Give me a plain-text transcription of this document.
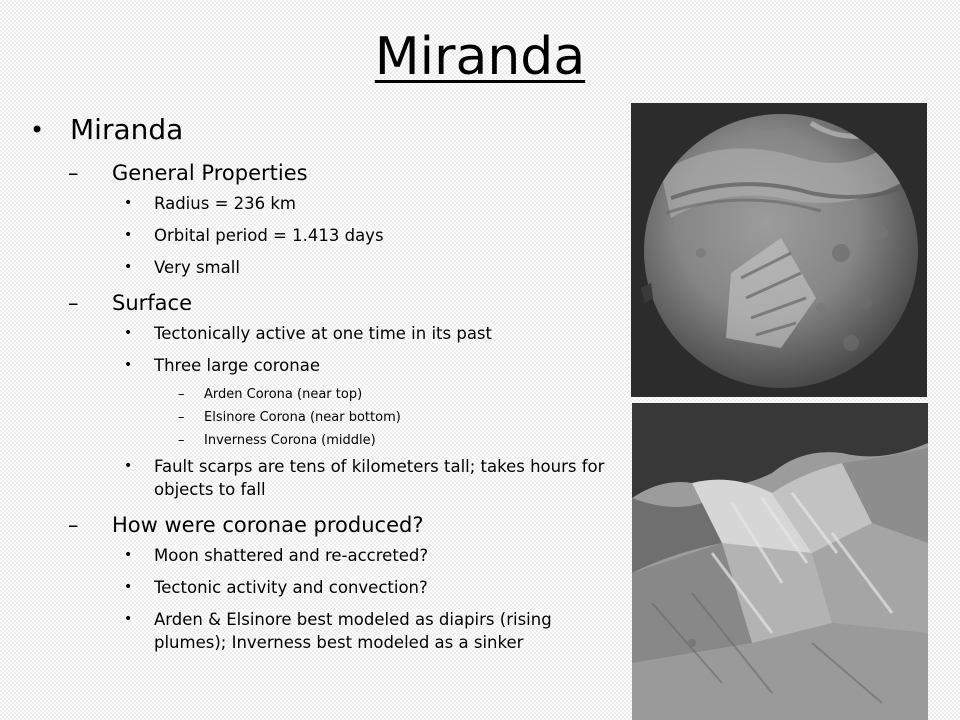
Miranda
• Miranda
–	General Properties
•	Radius = 236 km
•	Orbital period = 1.413 days
•	Very small
–	Surface
•	Tectonically active at one time in its past
•	Three large coronae
–	Arden Corona (near top)
–	Elsinore Corona (near bottom)
–	Inverness Corona (middle)
•	Fault scarps are tens of kilometers tall; takes hours for objects to fall
–	How were coronae produced?
•	Moon shattered and re-accreted?
•	Tectonic activity and convection?
•	Arden & Elsinore best modeled as diapirs (rising plumes); Inverness best modeled as a sinker
